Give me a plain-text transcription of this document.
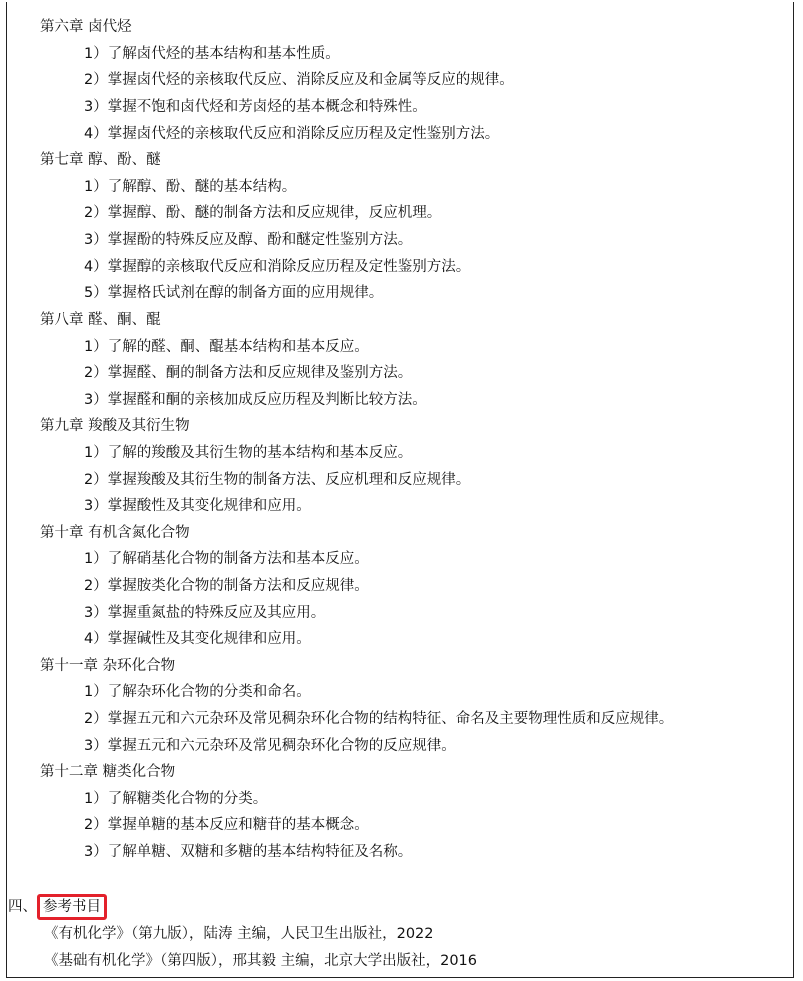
第六章 卤代烃
1）了解卤代烃的基本结构和基本性质。
2）掌握卤代烃的亲核取代反应、消除反应及和金属等反应的规律。
3）掌握不饱和卤代烃和芳卤烃的基本概念和特殊性。
4）掌握卤代烃的亲核取代反应和消除反应历程及定性鉴别方法。
第七章 醇、酚、醚
1）了解醇、酚、醚的基本结构。
2）掌握醇、酚、醚的制备方法和反应规律，反应机理。
3）掌握酚的特殊反应及醇、酚和醚定性鉴别方法。
4）掌握醇的亲核取代反应和消除反应历程及定性鉴别方法。
5）掌握格氏试剂在醇的制备方面的应用规律。
第八章 醛、酮、醌
1）了解的醛、酮、醌基本结构和基本反应。
2）掌握醛、酮的制备方法和反应规律及鉴别方法。
3）掌握醛和酮的亲核加成反应历程及判断比较方法。
第九章 羧酸及其衍生物
1）了解的羧酸及其衍生物的基本结构和基本反应。
2）掌握羧酸及其衍生物的制备方法、反应机理和反应规律。
3）掌握酸性及其变化规律和应用。
第十章 有机含氮化合物
1）了解硝基化合物的制备方法和基本反应。
2）掌握胺类化合物的制备方法和反应规律。
3）掌握重氮盐的特殊反应及其应用。
4）掌握碱性及其变化规律和应用。
第十一章 杂环化合物
1）了解杂环化合物的分类和命名。
2）掌握五元和六元杂环及常见稠杂环化合物的结构特征、命名及主要物理性质和反应规律。
3）掌握五元和六元杂环及常见稠杂环化合物的反应规律。
第十二章 糖类化合物
1）了解糖类化合物的分类。
2）掌握单糖的基本反应和糖苷的基本概念。
3）了解单糖、双糖和多糖的基本结构特征及名称。
四、 参考书目
《有机化学》（第九版），陆涛 主编，人民卫生出版社，2022
《基础有机化学》（第四版），邢其毅 主编，北京大学出版社，2016
